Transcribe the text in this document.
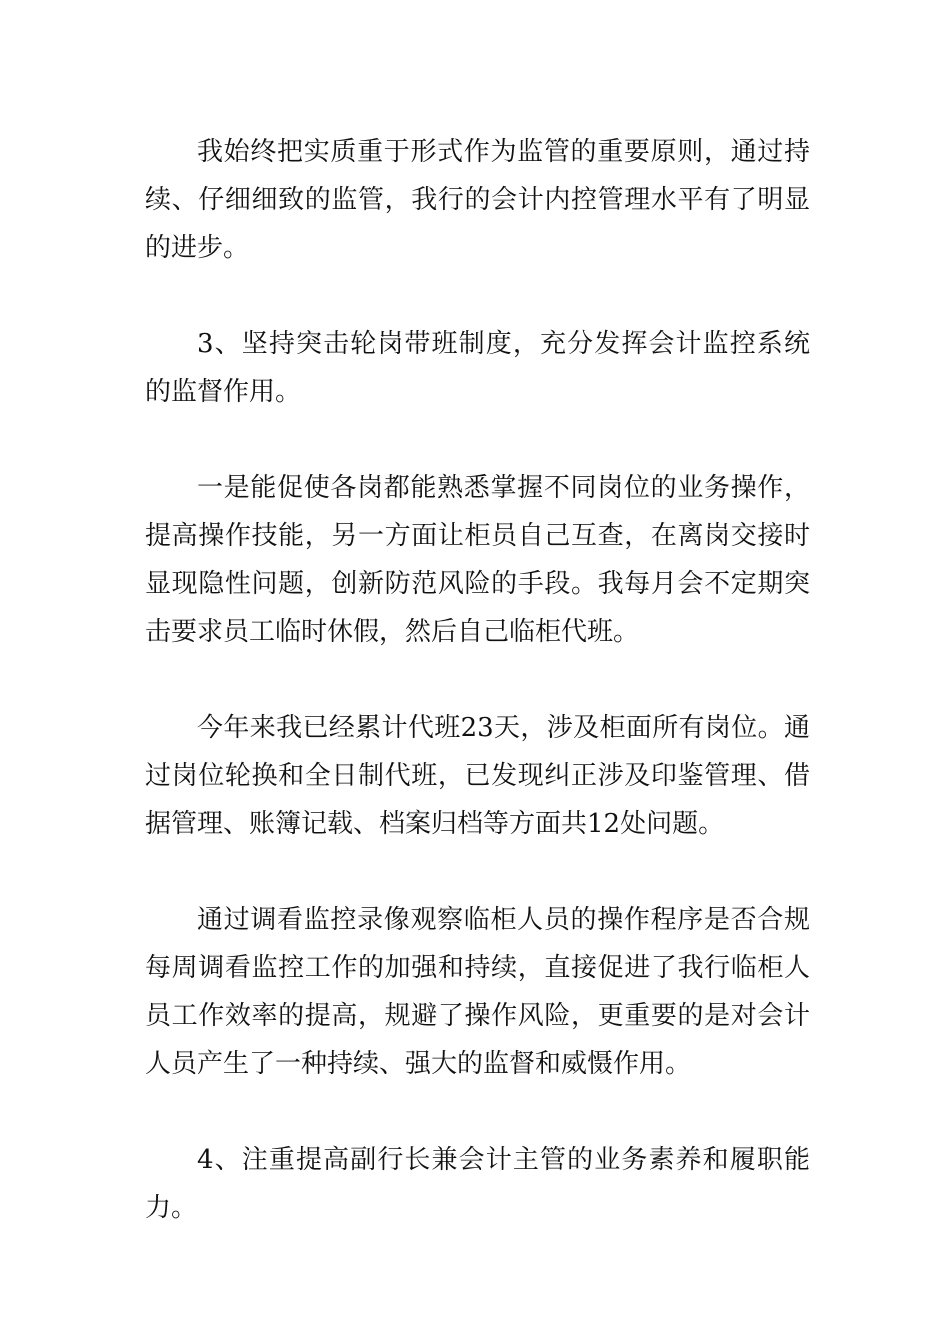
我始终把实质重于形式作为监管的重要原则，通过持续、仔细细致的监管，我行的会计内控管理水平有了明显的进步。

3、坚持突击轮岗带班制度，充分发挥会计监控系统的监督作用。

一是能促使各岗都能熟悉掌握不同岗位的业务操作，提高操作技能，另一方面让柜员自己互查，在离岗交接时显现隐性问题，创新防范风险的手段。我每月会不定期突击要求员工临时休假，然后自己临柜代班。

今年来我已经累计代班23天，涉及柜面所有岗位。通过岗位轮换和全日制代班，已发现纠正涉及印鉴管理、借据管理、账簿记载、档案归档等方面共12处问题。

通过调看监控录像观察临柜人员的操作程序是否合规每周调看监控工作的加强和持续，直接促进了我行临柜人员工作效率的提高，规避了操作风险，更重要的是对会计人员产生了一种持续、强大的监督和威慑作用。

4、注重提高副行长兼会计主管的业务素养和履职能力。
